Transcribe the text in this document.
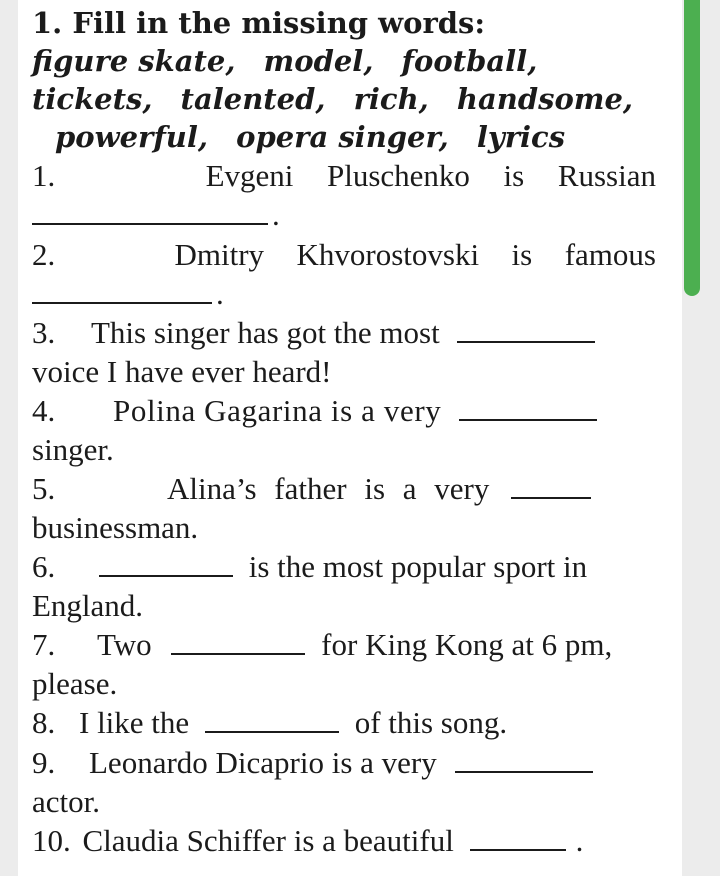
1. Fill in the missing words:
figure skate, model, football,
tickets, talented, rich, handsome,
powerful, opera singer, lyrics
1.	Evgeni Pluschenko is Russian
.
2.	Dmitry Khvorostovski is famous
.
3. This singer has got the most
voice I have ever heard!
4. Polina Gagarina is a very
singer.
5.	Alina’s father is a very
businessman.
6.	is the most popular sport in
England.
7. Two	for King Kong at 6 pm,
please.
8. I like the	of this song.
9. Leonardo Dicaprio is a very
actor.
10. Claudia Schiffer is a beautiful	.
